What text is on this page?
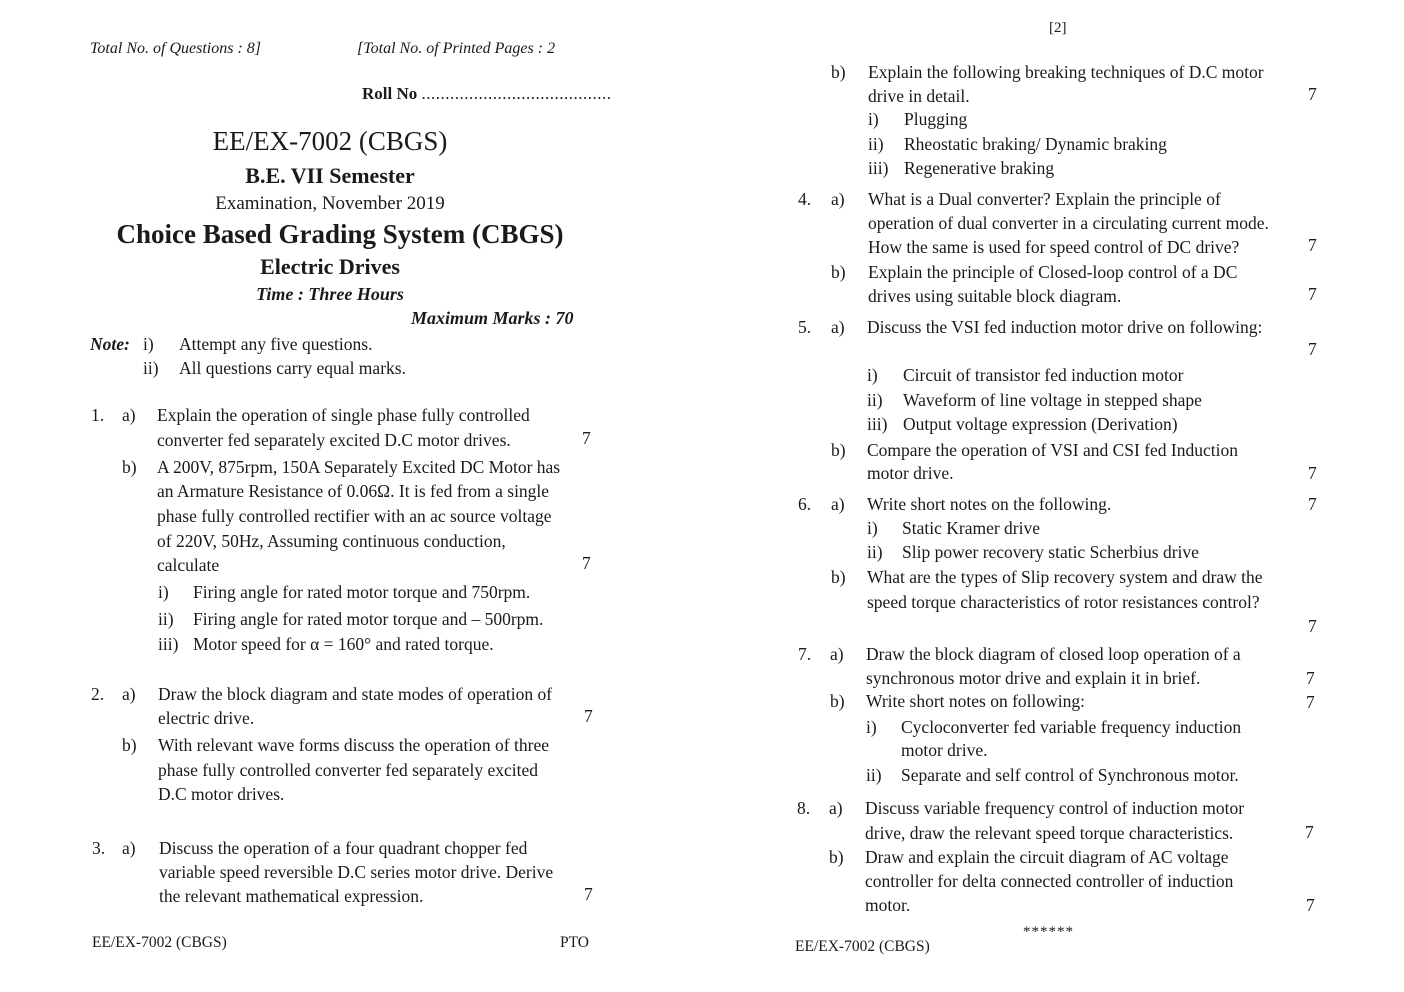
Total No. of Questions : 8]	[Total No. of Printed Pages : 2
Roll No ........................................
EE/EX-7002 (CBGS)
B.E. VII Semester
Examination, November 2019
Choice Based Grading System (CBGS)
Electric Drives
Time : Three Hours
Maximum Marks : 70
Note: i) Attempt any five questions.
ii) All questions carry equal marks.
1. a) Explain the operation of single phase fully controlled
converter fed separately excited D.C motor drives.	7
b) A 200V, 875rpm, 150A Separately Excited DC Motor has
an Armature Resistance of 0.06Ω. It is fed from a single
phase fully controlled rectifier with an ac source voltage
of 220V, 50Hz, Assuming continuous conduction,
calculate	7
i) Firing angle for rated motor torque and 750rpm.
ii) Firing angle for rated motor torque and – 500rpm.
iii) Motor speed for α = 160° and rated torque.
2. a) Draw the block diagram and state modes of operation of
electric drive.	7
b) With relevant wave forms discuss the operation of three
phase fully controlled converter fed separately excited
D.C motor drives.
3. a) Discuss the operation of a four quadrant chopper fed
variable speed reversible D.C series motor drive. Derive
the relevant mathematical expression.	7
EE/EX-7002 (CBGS)	PTO
[2]
b) Explain the following breaking techniques of D.C motor
drive in detail.	7
i) Plugging
ii) Rheostatic braking/ Dynamic braking
iii) Regenerative braking
4. a) What is a Dual converter? Explain the principle of
operation of dual converter in a circulating current mode.
How the same is used for speed control of DC drive?	7
b) Explain the principle of Closed-loop control of a DC
drives using suitable block diagram.	7
5. a) Discuss the VSI fed induction motor drive on following:
7
i) Circuit of transistor fed induction motor
ii) Waveform of line voltage in stepped shape
iii) Output voltage expression (Derivation)
b) Compare the operation of VSI and CSI fed Induction
motor drive.	7
6. a) Write short notes on the following.	7
i) Static Kramer drive
ii) Slip power recovery static Scherbius drive
b) What are the types of Slip recovery system and draw the
speed torque characteristics of rotor resistances control?
7
7. a) Draw the block diagram of closed loop operation of a
synchronous motor drive and explain it in brief.	7
b) Write short notes on following:	7
i) Cycloconverter fed variable frequency induction
motor drive.
ii) Separate and self control of Synchronous motor.
8. a) Discuss variable frequency control of induction motor
drive, draw the relevant speed torque characteristics.	7
b) Draw and explain the circuit diagram of AC voltage
controller for delta connected controller of induction
motor.	7
******
EE/EX-7002 (CBGS)
